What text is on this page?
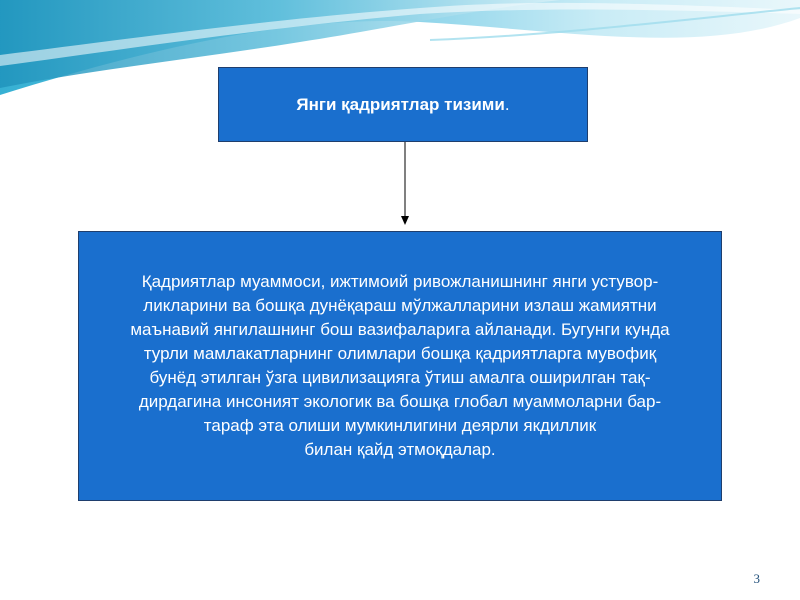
Янги қадриятлар тизими .
Қадриятлар муаммоси, ижтимоий ривожланишнинг янги устувор-
ликларини ва бошқа дунёқараш мўлжалларини излаш жамиятни
маънавий янгилашнинг бош вазифаларига айланади. Бугунги кунда
турли мамлакатларнинг олимлари бошқа қадриятларга мувофиқ
бунёд этилган ўзга цивилизацияга ўтиш амалга оширилган тақ-
дирдагина инсоният экологик ва бошқа глобал муаммоларни бар-
тараф эта олиши мумкинлигини деярли якдиллик
билан қайд этмоқдалар.
3
